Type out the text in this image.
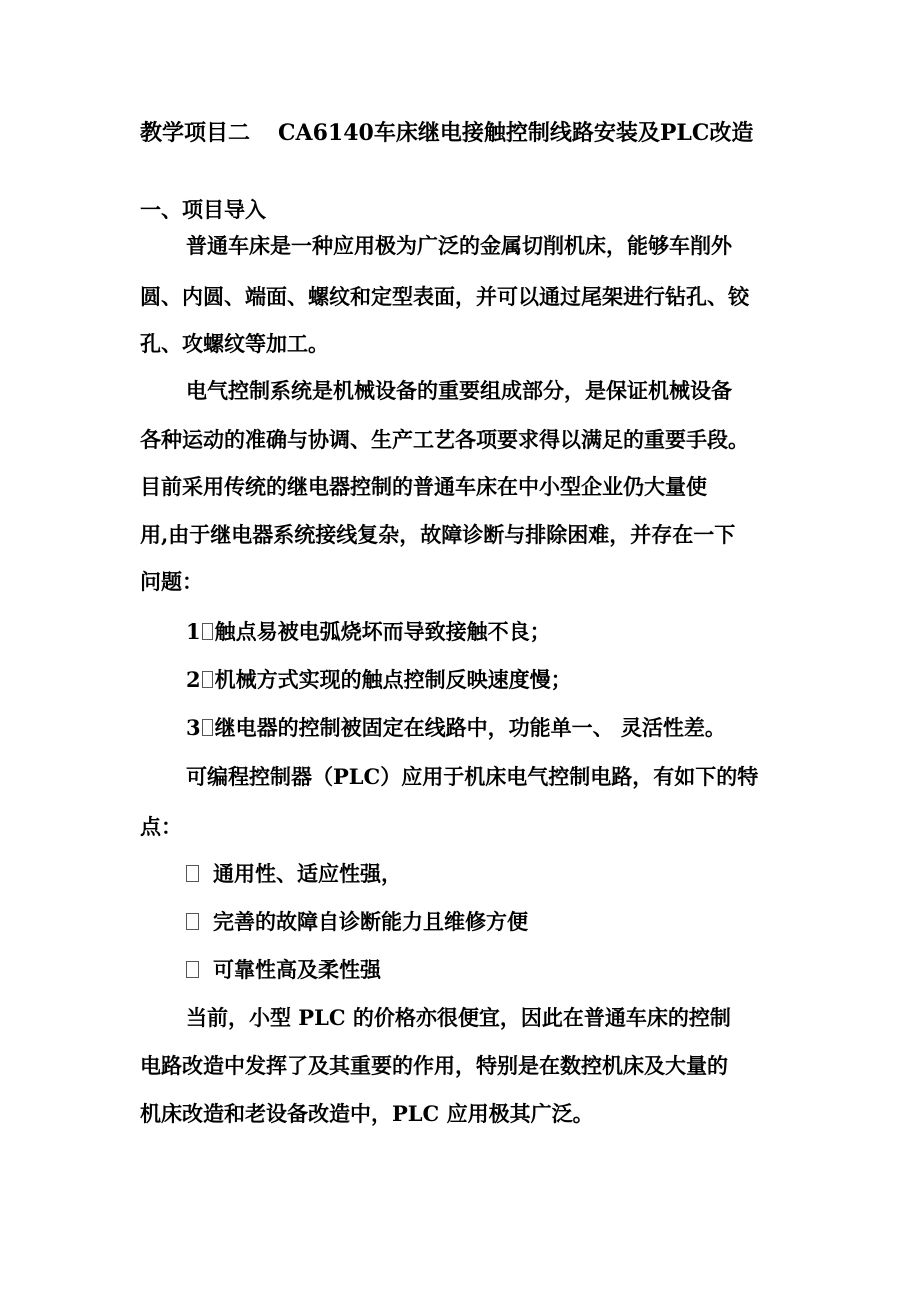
教学项目二 CA6140车床继电接触控制线路安装及PLC改造
一、项目导入
普通车床是一种应用极为广泛的金属切削机床，能够车削外
圆、内圆、端面、螺纹和定型表面，并可以通过尾架进行钻孔、铰
孔、攻螺纹等加工。
电气控制系统是机械设备的重要组成部分，是保证机械设备
各种运动的准确与协调、生产工艺各项要求得以满足的重要手段。
目前采用传统的继电器控制的普通车床在中小型企业仍大量使
用,由于继电器系统接线复杂，故障诊断与排除困难，并存在一下
问题：
1 触点易被电弧烧坏而导致接触不良；
2 机械方式实现的触点控制反映速度慢；
3 继电器的控制被固定在线路中，功能单一、 灵活性差。
可编程控制器（PLC）应用于机床电气控制电路，有如下的特
点：
通用性、适应性强，
完善的故障自诊断能力且维修方便
可靠性高及柔性强
当前，小型 PLC 的价格亦很便宜，因此在普通车床的控制
电路改造中发挥了及其重要的作用，特别是在数控机床及大量的
机床改造和老设备改造中，PLC 应用极其广泛。
